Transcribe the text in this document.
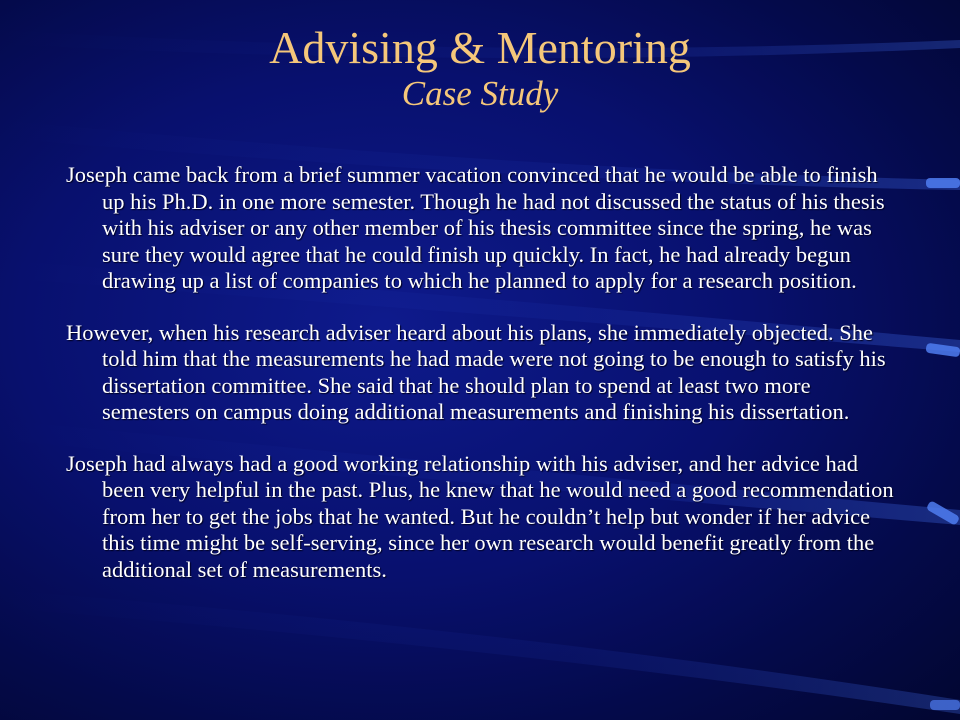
Advising & Mentoring
Case Study

Joseph came back from a brief summer vacation convinced that he would be able to finish up his Ph.D. in one more semester. Though he had not discussed the status of his thesis with his adviser or any other member of his thesis committee since the spring, he was sure they would agree that he could finish up quickly. In fact, he had already begun drawing up a list of companies to which he planned to apply for a research position.

However, when his research adviser heard about his plans, she immediately objected. She told him that the measurements he had made were not going to be enough to satisfy his dissertation committee. She said that he should plan to spend at least two more semesters on campus doing additional measurements and finishing his dissertation.

Joseph had always had a good working relationship with his adviser, and her advice had been very helpful in the past. Plus, he knew that he would need a good recommendation from her to get the jobs that he wanted. But he couldn’t help but wonder if her advice this time might be self-serving, since her own research would benefit greatly from the additional set of measurements.
